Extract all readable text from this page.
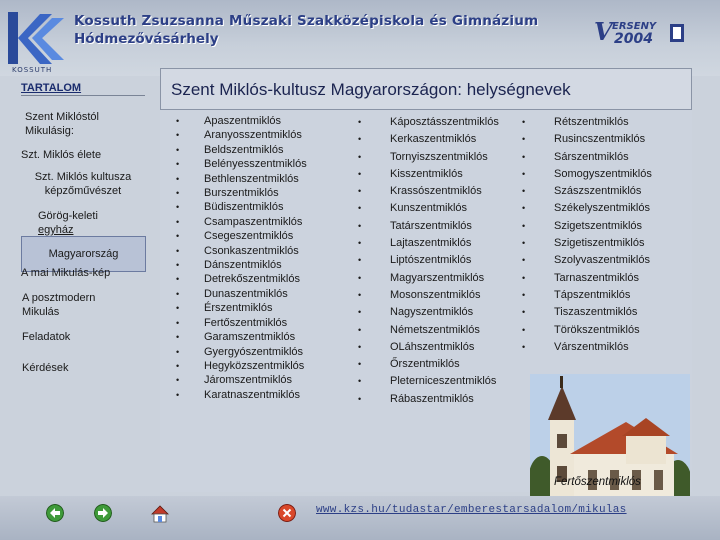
KOSSUTH
Kossuth Zsuzsanna Műszaki Szakközépiskola és Gimnázium
Hódmezővásárhely	V ERSENY
2004
TARTALOM
Szent Miklóstól
Mikulásig:
Szt. Miklós élete
Szt. Miklós kultusza
képzőművészet
Görög-keleti
egyház
Magyarország
A mai Mikulás-kép
A posztmodern
Mikulás
Feladatok
Kérdések
Szent Miklós-kultusz Magyarországon: helységnevek
• Apaszentmiklós
• Aranyosszentmiklós
• Beldszentmiklós
• Belényesszentmiklós
• Bethlenszentmiklós
• Burszentmiklós
• Büdiszentmiklós
• Csampaszentmiklós
• Csegeszentmiklós
• Csonkaszentmiklós
• Dánszentmiklós
• Detrekőszentmiklós
• Dunaszentmiklós
• Érszentmiklós
• Fertőszentmiklós
• Garamszentmiklós
• Gyergyószentmiklós
• Hegyközszentmiklós
• Járomszentmiklós
• Karatnaszentmiklós
•	Káposztásszentmiklós
•	Kerkaszentmiklós
•	Tornyiszszentmiklós
•	Kisszentmiklós
•	Krassószentmiklós
•	Kunszentmiklós
•	Tatárszentmiklós
•	Lajtaszentmiklós
•	Liptószentmiklós
•	Magyarszentmiklós
•	Mosonszentmiklós
•	Nagyszentmiklós
•	Németszentmiklós
•	OLáhszentmiklós
•	Őrszentmiklós
•	Pleterniceszentmiklós
•	Rábaszentmiklós
•	Rétszentmiklós
•	Rusincszentmiklós
•	Sárszentmiklós
•	Somogyszentmiklós
•	Szászszentmiklós
•	Székelyszentmiklós
•	Szigetszentmiklós
•	Szigetiszentmiklós
•	Szolyvaszentmiklós
•	Tarnaszentmiklós
•	Tápszentmiklós
•	Tiszaszentmiklós
•	Törökszentmiklós
•	Várszentmiklós
Fertőszentmiklós
www.kzs.hu/tudastar/emberestarsadalom/mikulas
